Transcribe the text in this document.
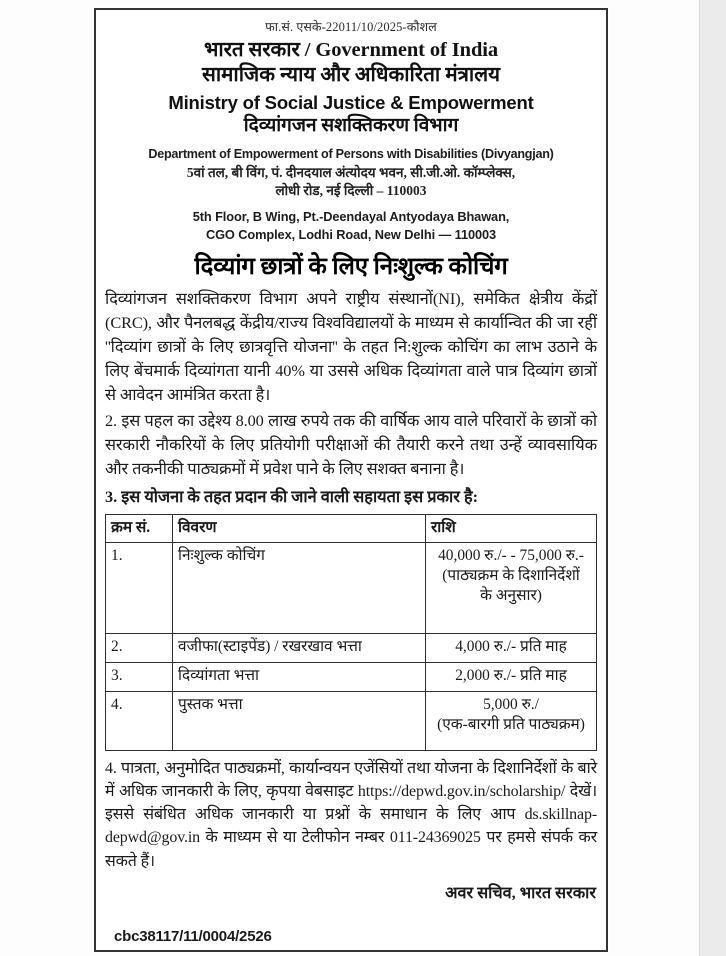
फा.सं. एसके-22011/10/2025-कौशल
भारत सरकार / Government of India
सामाजिक न्याय और अधिकारिता मंत्रालय
Ministry of Social Justice & Empowerment
दिव्यांगजन सशक्तिकरण विभाग
Department of Empowerment of Persons with Disabilities (Divyangjan)
5वां तल, बी विंग, पं. दीनदयाल अंत्योदय भवन, सी.जी.ओ. कॉम्प्लेक्स,
लोधी रोड, नई दिल्ली – 110003
5th Floor, B Wing, Pt.-Deendayal Antyodaya Bhawan,
CGO Complex, Lodhi Road, New Delhi — 110003
दिव्यांग छात्रों के लिए निःशुल्क कोचिंग
दिव्यांगजन सशक्तिकरण विभाग अपने राष्ट्रीय संस्थानों(NI), समेकित क्षेत्रीय केंद्रों (CRC), और पैनलबद्ध केंद्रीय/राज्य विश्वविद्यालयों के माध्यम से कार्यान्वित की जा रहीं ''दिव्यांग छात्रों के लिए छात्रवृत्ति योजना'' के तहत नि:शुल्क कोचिंग का लाभ उठाने के लिए बेंचमार्क दिव्यांगता यानी 40% या उससे अधिक दिव्यांगता वाले पात्र दिव्यांग छात्रों से आवेदन आमंत्रित करता है।
2. इस पहल का उद्देश्य 8.00 लाख रुपये तक की वार्षिक आय वाले परिवारों के छात्रों को सरकारी नौकरियों के लिए प्रतियोगी परीक्षाओं की तैयारी करने तथा उन्हें व्यावसायिक और तकनीकी पाठ्यक्रमों में प्रवेश पाने के लिए सशक्त बनाना है।
3. इस योजना के तहत प्रदान की जाने वाली सहायता इस प्रकार है:
क्रम सं.	विवरण	राशि
1.	निःशुल्क कोचिंग	40,000 रु./- - 75,000 रु.-
(पाठ्यक्रम के दिशानिर्देशों
के अनुसार)

2.	वजीफा(स्टाइपेंड) / रखरखाव भत्ता	4,000 रु./- प्रति माह
3.	दिव्यांगता भत्ता	2,000 रु./- प्रति माह
4.	पुस्तक भत्ता	5,000 रु./
(एक-बारगी प्रति पाठ्यक्रम)
4. पात्रता, अनुमोदित पाठ्यक्रमों, कार्यान्वयन एजेंसियों तथा योजना के दिशानिर्देशों के बारे में अधिक जानकारी के लिए, कृपया वेबसाइट https://depwd.gov.in/scholarship/ देखें। इससे संबंधित अधिक जानकारी या प्रश्नों के समाधान के लिए आप ds.skillnap-depwd@gov.in के माध्यम से या टेलीफोन नम्बर 011-24369025 पर हमसे संपर्क कर सकते हैं।
अवर सचिव, भारत सरकार
cbc38117/11/0004/2526
